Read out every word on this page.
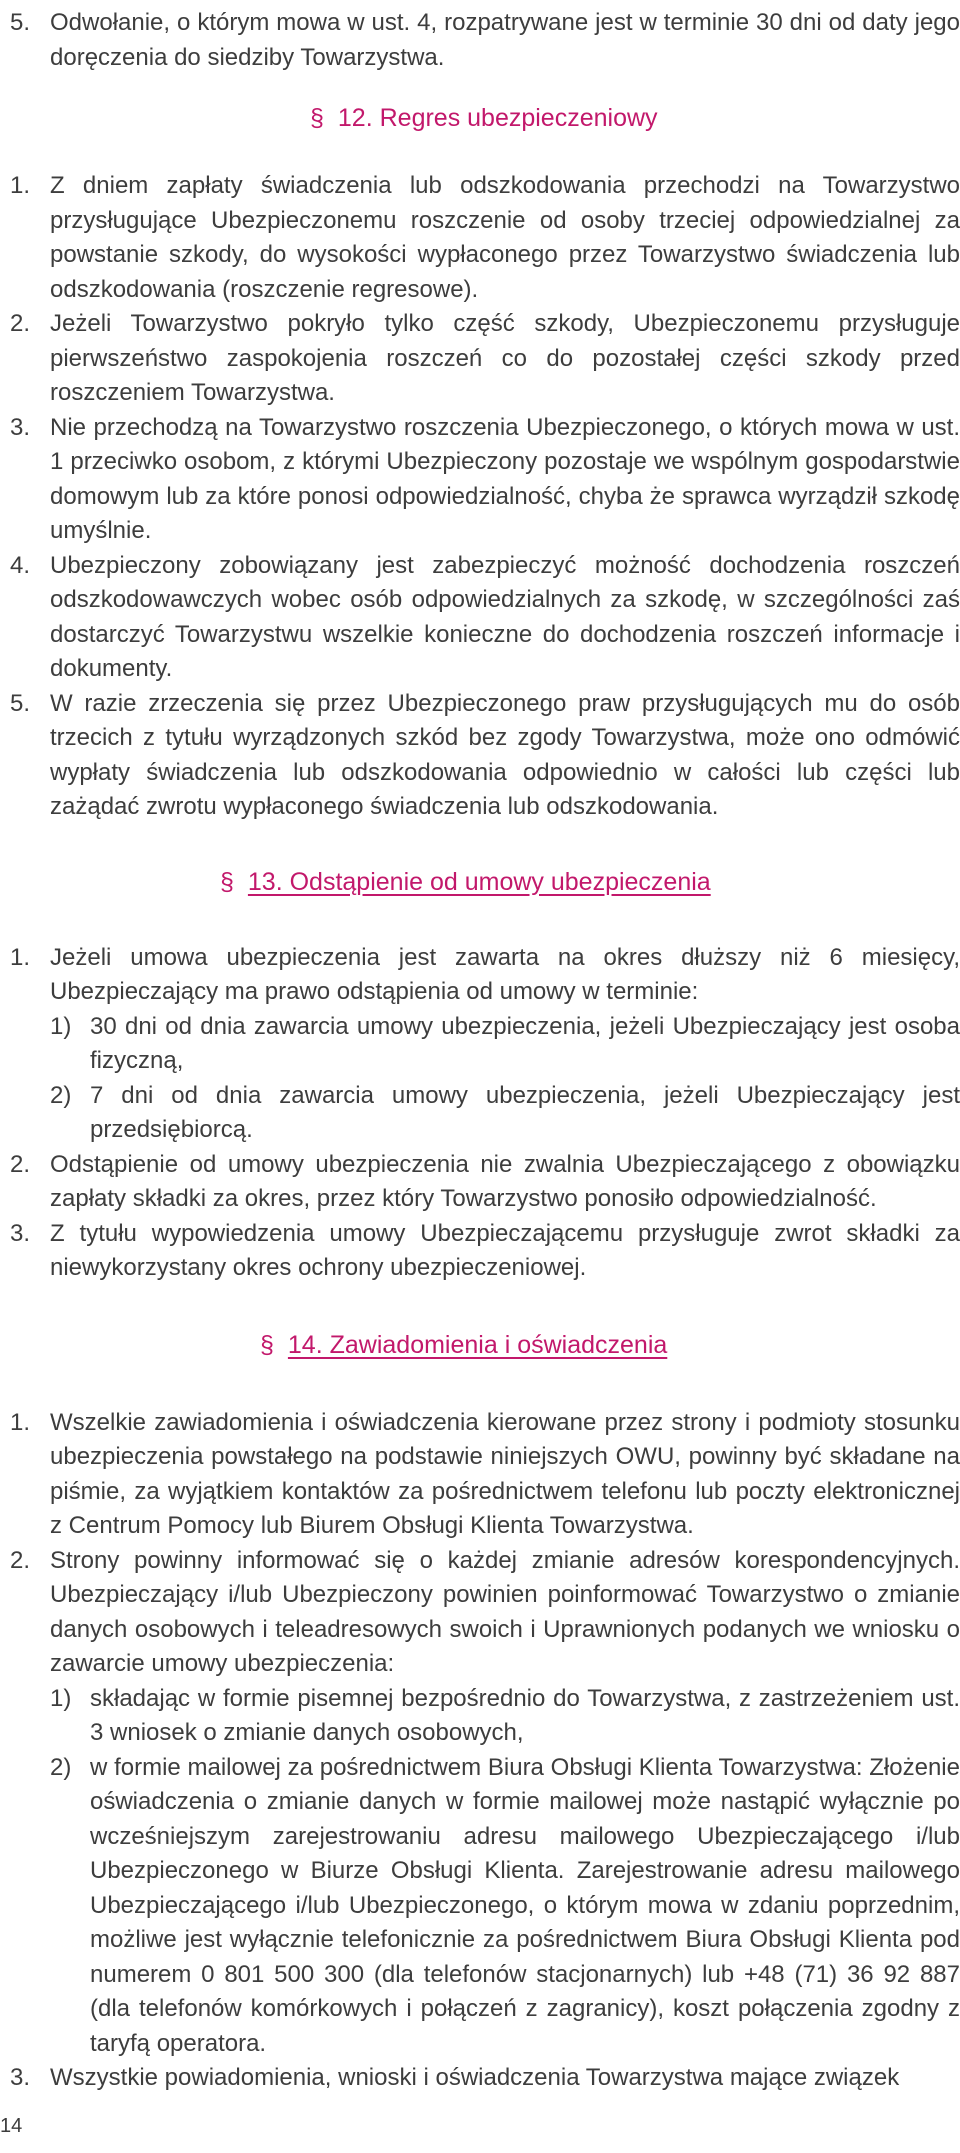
5. Odwołanie, o którym mowa w ust. 4, rozpatrywane jest w terminie 30 dni od daty jego doręczenia do siedziby Towarzystwa.
§ 12. Regres ubezpieczeniowy
1. Z dniem zapłaty świadczenia lub odszkodowania przechodzi na Towarzystwo przysługujące Ubezpieczonemu roszczenie od osoby trzeciej odpowiedzialnej za powstanie szkody, do wysokości wypłaconego przez Towarzystwo świadczenia lub odszkodowania (roszczenie regresowe).
2. Jeżeli Towarzystwo pokryło tylko część szkody, Ubezpieczonemu przysługuje pierwszeństwo zaspokojenia roszczeń co do pozostałej części szkody przed roszczeniem Towarzystwa.
3. Nie przechodzą na Towarzystwo roszczenia Ubezpieczonego, o których mowa w ust. 1 przeciwko osobom, z którymi Ubezpieczony pozostaje we wspólnym gospodarstwie domowym lub za które ponosi odpowiedzialność, chyba że sprawca wyrządził szkodę umyślnie.
4. Ubezpieczony zobowiązany jest zabezpieczyć możność dochodzenia roszczeń odszkodowawczych wobec osób odpowiedzialnych za szkodę, w szczególności zaś dostarczyć Towarzystwu wszelkie konieczne do dochodzenia roszczeń informacje i dokumenty.
5. W razie zrzeczenia się przez Ubezpieczonego praw przysługujących mu do osób trzecich z tytułu wyrządzonych szkód bez zgody Towarzystwa, może ono odmówić wypłaty świadczenia lub odszkodowania odpowiednio w całości lub części lub zażądać zwrotu wypłaconego świadczenia lub odszkodowania.
§ 13. Odstąpienie od umowy ubezpieczenia
1. Jeżeli umowa ubezpieczenia jest zawarta na okres dłuższy niż 6 miesięcy, Ubezpieczający ma prawo odstąpienia od umowy w terminie:
1) 30 dni od dnia zawarcia umowy ubezpieczenia, jeżeli Ubezpieczający jest osoba fizyczną,
2) 7 dni od dnia zawarcia umowy ubezpieczenia, jeżeli Ubezpieczający jest przedsiębiorcą.
2. Odstąpienie od umowy ubezpieczenia nie zwalnia Ubezpieczającego z obowiązku zapłaty składki za okres, przez który Towarzystwo ponosiło odpowiedzialność.
3. Z tytułu wypowiedzenia umowy Ubezpieczającemu przysługuje zwrot składki za niewykorzystany okres ochrony ubezpieczeniowej.
§ 14. Zawiadomienia i oświadczenia
1. Wszelkie zawiadomienia i oświadczenia kierowane przez strony i podmioty stosunku ubezpieczenia powstałego na podstawie niniejszych OWU, powinny być składane na piśmie, za wyjątkiem kontaktów za pośrednictwem telefonu lub poczty elektronicznej z Centrum Pomocy lub Biurem Obsługi Klienta Towarzystwa.
2. Strony powinny informować się o każdej zmianie adresów korespondencyjnych. Ubezpieczający i/lub Ubezpieczony powinien poinformować Towarzystwo o zmianie danych osobowych i teleadresowych swoich i Uprawnionych podanych we wniosku o zawarcie umowy ubezpieczenia:
1) składając w formie pisemnej bezpośrednio do Towarzystwa, z zastrzeżeniem ust. 3 wniosek o zmianie danych osobowych,
2) w formie mailowej za pośrednictwem Biura Obsługi Klienta Towarzystwa: Złożenie oświadczenia o zmianie danych w formie mailowej może nastąpić wyłącznie po wcześniejszym zarejestrowaniu adresu mailowego Ubezpieczającego i/lub Ubezpieczonego w Biurze Obsługi Klienta. Zarejestrowanie adresu mailowego Ubezpieczającego i/lub Ubezpieczonego, o którym mowa w zdaniu poprzednim, możliwe jest wyłącznie telefonicznie za pośrednictwem Biura Obsługi Klienta pod numerem 0 801 500 300 (dla telefonów stacjonarnych) lub +48 (71) 36 92 887 (dla telefonów komórkowych i połączeń z zagranicy), koszt połączenia zgodny z taryfą operatora.
3. Wszystkie powiadomienia, wnioski i oświadczenia Towarzystwa mające związek
14
